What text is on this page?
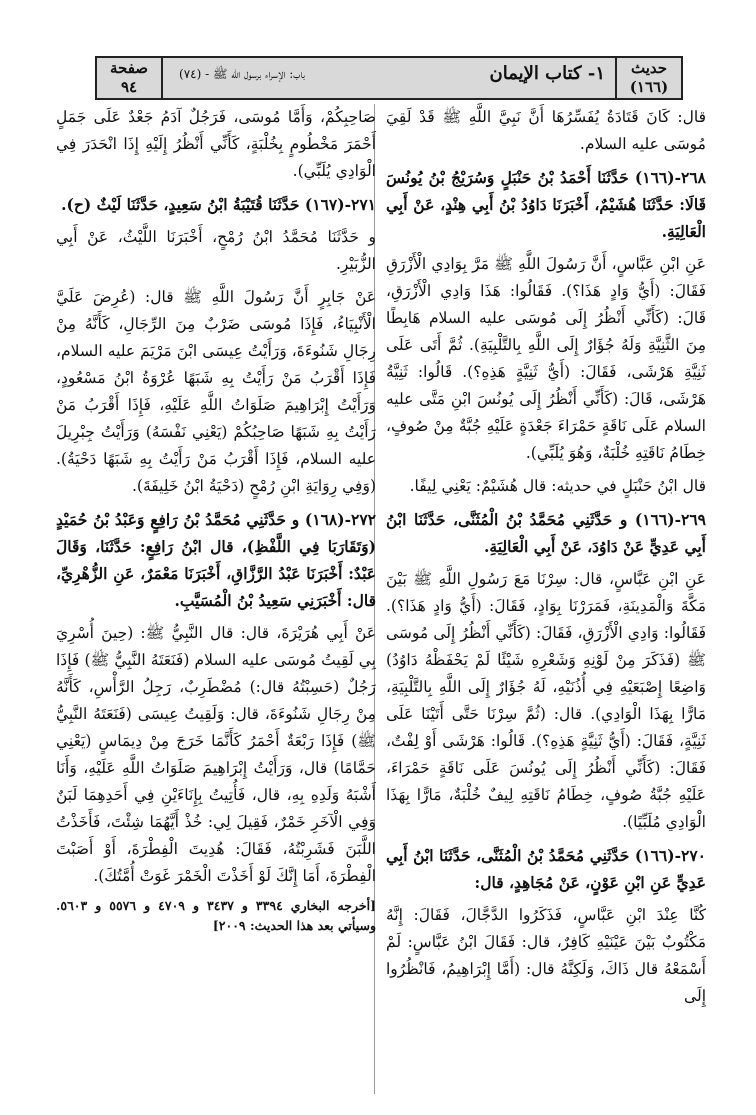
صفحة
٩٤
١- كتاب الإيمان
(٧٤) - باب: الإسراء برسول الله ﷺ	حديث
(١٦٦)

قال: كَانَ قَتَادَةُ يُفَسِّرُهَا أَنَّ نَبِيَّ اللَّهِ ﷺ قَدْ لَقِيَ مُوسَى عليه السلام.

٢٦٨-(١٦٦) حَدَّثَنَا أَحْمَدُ بْنُ حَنْبَلٍ وَسُرَيْجُ بْنُ يُونُسَ قَالَا: حَدَّثَنَا هُشَيْمٌ، أَخْبَرَنَا دَاوُدُ بْنُ أَبِي هِنْدٍ، عَنْ أَبِي الْعَالِيَةِ.

عَنِ ابْنِ عَبَّاسٍ، أَنَّ رَسُولَ اللَّهِ ﷺ مَرَّ بِوَادِي الْأَزْرَقِ فَقَالَ: (أَيُّ وَادٍ هَذَا؟). فَقَالُوا: هَذَا وَادِي الْأَزْرَقِ، قَالَ: (كَأَنِّي أَنْظُرُ إِلَى مُوسَى عليه السلام هَابِطًا مِنَ الثَّنِيَّةِ وَلَهُ جُؤَارٌ إِلَى اللَّهِ بِالتَّلْبِيَةِ). ثُمَّ أَتَى عَلَى ثَنِيَّةِ هَرْشَى، فَقَالَ: (أَيُّ ثَنِيَّةٍ هَذِهِ؟). قَالُوا: ثَنِيَّةُ هَرْشَى، قَالَ: (كَأَنِّي أَنْظُرُ إِلَى يُونُسَ ابْنِ مَتَّى عليه السلام عَلَى نَاقَةٍ حَمْرَاءَ جَعْدَةٍ عَلَيْهِ جُبَّةٌ مِنْ صُوفٍ، خِطَامُ نَاقَتِهِ خُلْبَةٌ، وَهُوَ يُلَبِّي).

قال ابْنُ حَنْبَلٍ في حديثه: قال هُشَيْمٌ: يَعْنِي لِيفًا.

٢٦٩-(١٦٦) و حَدَّثَنِي مُحَمَّدُ بْنُ الْمُثَنَّى، حَدَّثَنَا ابْنُ أَبِي عَدِيٍّ عَنْ دَاوُدَ، عَنْ أَبِي الْعَالِيَةِ.

عَنِ ابْنِ عَبَّاسٍ، قال: سِرْنَا مَعَ رَسُولِ اللَّهِ ﷺ بَيْنَ مَكَّةَ وَالْمَدِينَةِ، فَمَرَرْنَا بِوَادٍ، فَقَالَ: (أَيُّ وَادٍ هَذَا؟). فَقَالُوا: وَادِي الْأَزْرَقِ، فَقَالَ: (كَأَنِّي أَنْظُرُ إِلَى مُوسَى ﷺ (فَذَكَرَ مِنْ لَوْنِهِ وَشَعْرِهِ شَيْئًا لَمْ يَحْفَظْهُ دَاوُدُ) وَاضِعًا إِصْبَعَيْهِ فِي أُذُنَيْهِ، لَهُ جُؤَارٌ إِلَى اللَّهِ بِالتَّلْبِيَةِ، مَارًّا بِهَذَا الْوَادِي). قال: (ثُمَّ سِرْنَا حَتَّى أَتَيْنَا عَلَى ثَنِيَّةٍ، فَقَالَ: (أَيُّ ثَنِيَّةٍ هَذِهِ؟). قَالُوا: هَرْشَى أَوْ لِفْتٌ، فَقَالَ: (كَأَنِّي أَنْظُرُ إِلَى يُونُسَ عَلَى نَاقَةٍ حَمْرَاءَ، عَلَيْهِ جُبَّةُ صُوفٍ، خِطَامُ نَاقَتِهِ لِيفٌ خُلْبَةٌ، مَارًّا بِهَذَا الْوَادِي مُلَبِّيًا).

٢٧٠-(١٦٦) حَدَّثَنِي مُحَمَّدُ بْنُ الْمُثَنَّى، حَدَّثَنَا ابْنُ أَبِي عَدِيٍّ عَنِ ابْنِ عَوْنٍ، عَنْ مُجَاهِدٍ، قال:

كُنَّا عِنْدَ ابْنِ عَبَّاسٍ، فَذَكَرُوا الدَّجَّالَ، فَقَالَ: إِنَّهُ مَكْتُوبٌ بَيْنَ عَيْنَيْهِ كَافِرٌ، قال: فَقَالَ ابْنُ عَبَّاسٍ: لَمْ أَسْمَعْهُ قال ذَاكَ، وَلَكِنَّهُ قال: (أَمَّا إِبْرَاهِيمُ، فَانْظُرُوا إِلَى

صَاحِبِكُمْ، وَأَمَّا مُوسَى، فَرَجُلٌ آدَمُ جَعْدٌ عَلَى جَمَلٍ أَحْمَرَ مَخْطُومٍ بِخُلْبَةٍ، كَأَنِّي أَنْظُرُ إِلَيْهِ إِذَا انْحَدَرَ فِي الْوَادِي يُلَبِّي).

٢٧١-(١٦٧) حَدَّثَنَا قُتَيْبَةُ ابْنُ سَعِيدٍ، حَدَّثَنَا لَيْثٌ (ح).

و حَدَّثَنَا مُحَمَّدُ ابْنُ رُمْحٍ، أَخْبَرَنَا اللَّيْثُ، عَنْ أَبِي الزُّبَيْرِ.

عَنْ جَابِرٍ أَنَّ رَسُولَ اللَّهِ ﷺ قال: (عُرِضَ عَلَيَّ الْأَنْبِيَاءُ، فَإِذَا مُوسَى ضَرْبٌ مِنَ الرِّجَالِ، كَأَنَّهُ مِنْ رِجَالِ شَنُوءَةَ، وَرَأَيْتُ عِيسَى ابْنَ مَرْيَمَ عليه السلام، فَإِذَا أَقْرَبُ مَنْ رَأَيْتُ بِهِ شَبَهًا عُرْوَةُ ابْنُ مَسْعُودٍ، وَرَأَيْتُ إِبْرَاهِيمَ صَلَوَاتُ اللَّهِ عَلَيْهِ، فَإِذَا أَقْرَبُ مَنْ رَأَيْتُ بِهِ شَبَهًا صَاحِبُكُمْ (يَعْنِي نَفْسَهُ) وَرَأَيْتُ جِبْرِيلَ عليه السلام، فَإِذَا أَقْرَبُ مَنْ رَأَيْتُ بِهِ شَبَهًا دَحْيَةُ). (وَفِي رِوَايَةِ ابْنِ رُمْحٍ (دَحْيَةُ ابْنُ خَلِيفَةَ).

٢٧٢-(١٦٨) و حَدَّثَنِي مُحَمَّدُ بْنُ رَافِعٍ وَعَبْدُ بْنُ حُمَيْدٍ (وَتَقَارَبَا فِي اللَّفْظِ)، قال ابْنُ رَافِعٍ: حَدَّثَنَا، وَقَالَ عَبْدٌ: أَخْبَرَنَا عَبْدُ الرَّزَّاقِ، أَخْبَرَنَا مَعْمَرٌ، عَنِ الزُّهْرِيِّ، قال: أَخْبَرَنِي سَعِيدُ بْنُ الْمُسَيَّبِ.

عَنْ أَبِي هُرَيْرَةَ، قال: قال النَّبِيُّ ﷺ: (حِينَ أُسْرِيَ بِي لَقِيتُ مُوسَى عليه السلام (فَنَعَتَهُ النَّبِيُّ ﷺ) فَإِذَا رَجُلٌ (حَسِبْتُهُ قال:) مُضْطَرِبٌ، رَجِلُ الرَّأْسِ، كَأَنَّهُ مِنْ رِجَالِ شَنُوءَةَ، قال: وَلَقِيتُ عِيسَى (فَنَعَتَهُ النَّبِيُّ ﷺ) فَإِذَا رَبْعَةٌ أَحْمَرُ كَأَنَّمَا خَرَجَ مِنْ دِيمَاسٍ (يَعْنِي حَمَّامًا) قال، وَرَأَيْتُ إِبْرَاهِيمَ صَلَوَاتُ اللَّهِ عَلَيْهِ، وَأَنَا أَشْبَهُ وَلَدِهِ بِهِ، قال، فَأُتِيتُ بِإِنَاءَيْنِ فِي أَحَدِهِمَا لَبَنٌ وَفِي الْآخَرِ خَمْرٌ، فَقِيلَ لِي: خُذْ أَيَّهُمَا شِئْتَ، فَأَخَذْتُ اللَّبَنَ فَشَرِبْتُهُ، فَقَالَ: هُدِيتَ الْفِطْرَةَ، أَوْ أَصَبْتَ الْفِطْرَةَ، أَمَا إِنَّكَ لَوْ أَخَذْتَ الْخَمْرَ غَوَتْ أُمَّتُكَ).

[أخرجه البخاري ٣٣٩٤ و ٣٤٣٧ و ٤٧٠٩ و ٥٥٧٦ و ٥٦٠٣. وسيأتي بعد هذا الحديث: ٢٠٠٩]
